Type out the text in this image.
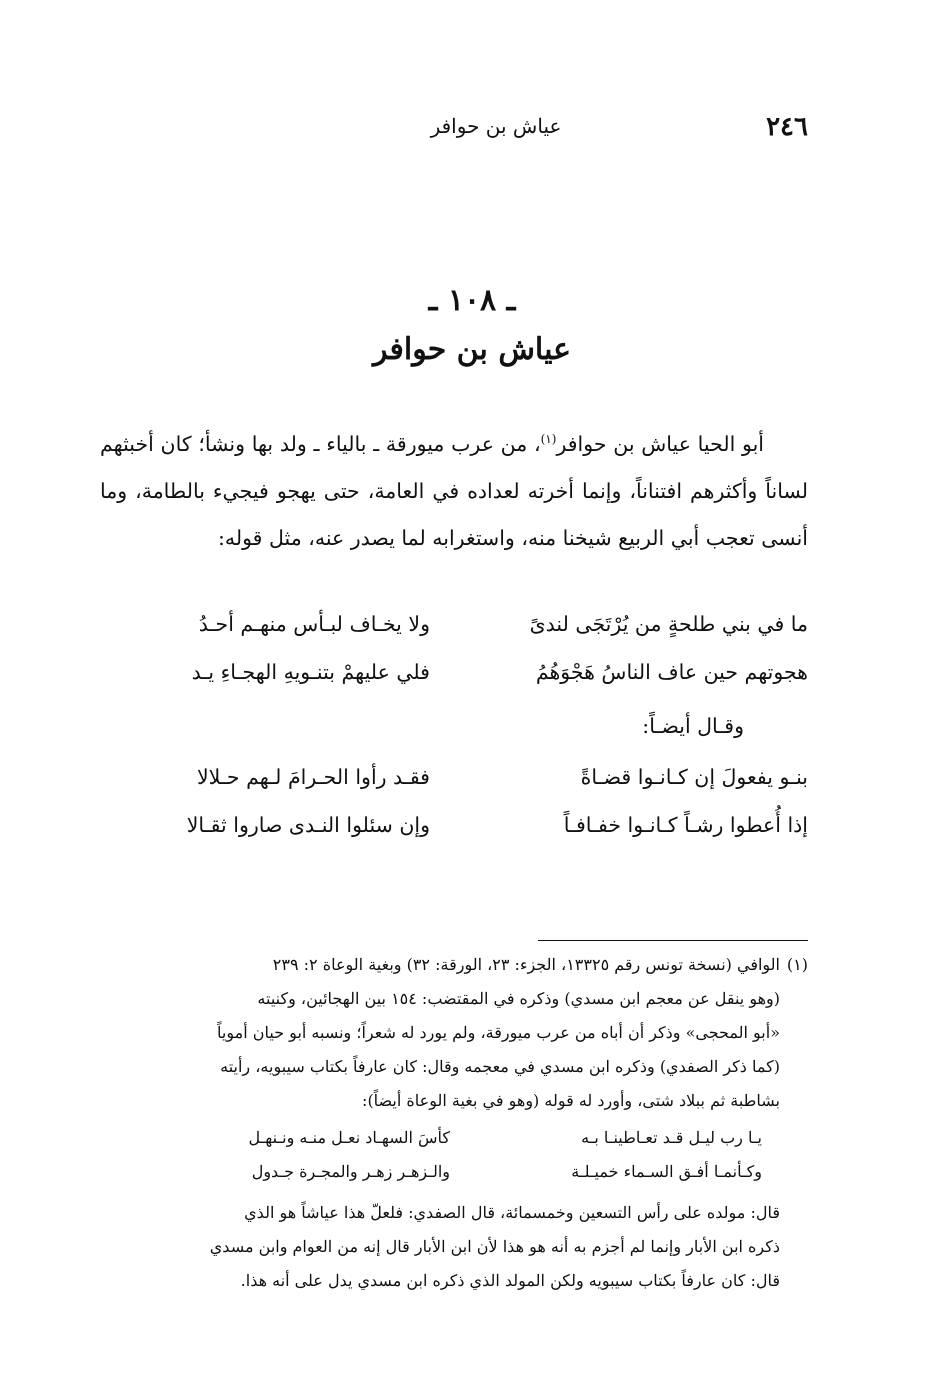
٢٤٦
عياش بن حوافر
ـ ١٠٨ ـ
عياش بن حوافر
أبو الحيا عياش بن حوافر$^{(١)}$، من عرب ميورقة ـ بالياء ـ ولد بها ونشأ؛ كان أخبثهم لساناً وأكثرهم افتناناً، وإنما أخرته لعداده في العامة، حتى يهجو فيجيء بالطامة، وما أنسى تعجب أبي الربيع شيخنا منه، واستغرابه لما يصدر عنه، مثل قوله:
ما في بني طلحةٍ من يُرْتَجَى لندىً
ولا يخـاف لبـأس منهـم أحـدُ
هجوتهم حين عاف الناسُ هَجْوَهُمُ
فلي عليهمْ بتنـويهِ الهجـاءِ يـد
وقـال أيضـاً:
بنـو يفعولَ إن كـانـوا قضـاةً
فقـد رأوا الحـرامَ لـهم حـلالا
إذا أُعطوا رشـاً كـانـوا خفـافـاً
وإن سئلوا النـدى صاروا ثقـالا
(١)الوافي (نسخة تونس رقم ١٣٣٢٥، الجزء: ٢٣، الورقة: ٣٢) وبغية الوعاة ٢: ٢٣٩
(وهو ينقل عن معجم ابن مسدي) وذكره في المقتضب: ١٥٤ بين الهجائين، وكنيته
«أبو المحجى» وذكر أن أباه من عرب ميورقة، ولم يورد له شعراً؛ ونسبه أبو حيان أموياً
(كما ذكر الصفدي) وذكره ابن مسدي في معجمه وقال: كان عارفاً بكتاب سيبويه، رأيته
بشاطبة ثم ببلاد شتى، وأورد له قوله (وهو في بغية الوعاة أيضاً):
يـا رب ليـل قـد تعـاطينـا بـه
كأسَ السهـاد نعـل منـه ونـنهـل
وكـأنمـا أفـق السـماء خميـلـة
والـزهـر زهـر والمجـرة جـدول
قال: مولده على رأس التسعين وخمسمائة، قال الصفدي: فلعلّ هذا عياشاً هو الذي
ذكره ابن الأبار وإنما لم أجزم به أنه هو هذا لأن ابن الأبار قال إنه من العوام وابن مسدي
قال: كان عارفاً بكتاب سيبويه ولكن المولد الذي ذكره ابن مسدي يدل على أنه هذا.
